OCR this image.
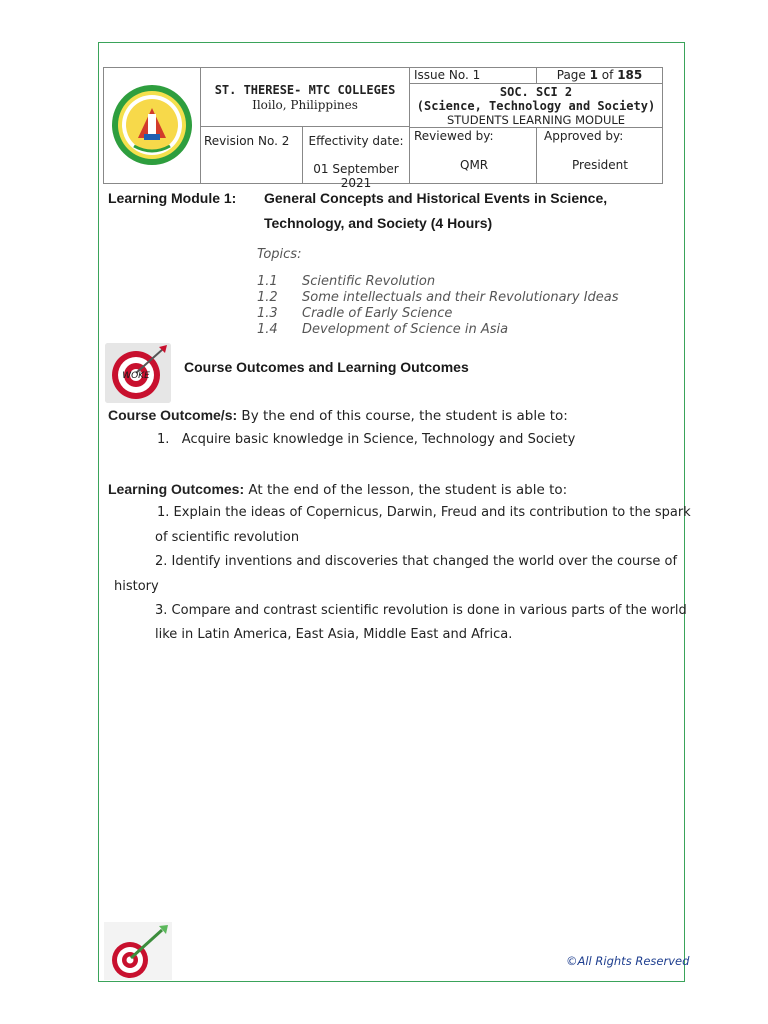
ST. THERESE- MTC COLLEGES
Iloilo, Philippines
Issue No. 1	Page 1 of 185
SOC. SCI 2
(Science, Technology and Society)
STUDENTS LEARNING MODULE
Revision No. 2	Effectivity date:
01 September
2021
Reviewed by:
QMR
Approved by:
President
Learning Module 1: General Concepts and Historical Events in Science,
Technology, and Society (4 Hours)
Topics:
1.1 Scientific Revolution
1.2 Some intellectuals and their Revolutionary Ideas
1.3 Cradle of Early Science
1.4 Development of Science in Asia
WOKE
Course Outcomes and Learning Outcomes
Course Outcome/s: By the end of this course, the student is able to:
1.   Acquire basic knowledge in Science, Technology and Society
Learning Outcomes: At the end of the lesson, the student is able to:
1. Explain the ideas of Copernicus, Darwin, Freud and its contribution to the spark
of scientific revolution
2. Identify inventions and discoveries that changed the world over the course of
history
3. Compare and contrast scientific revolution is done in various parts of the world
like in Latin America, East Asia, Middle East and Africa.
©All Rights Reserved
